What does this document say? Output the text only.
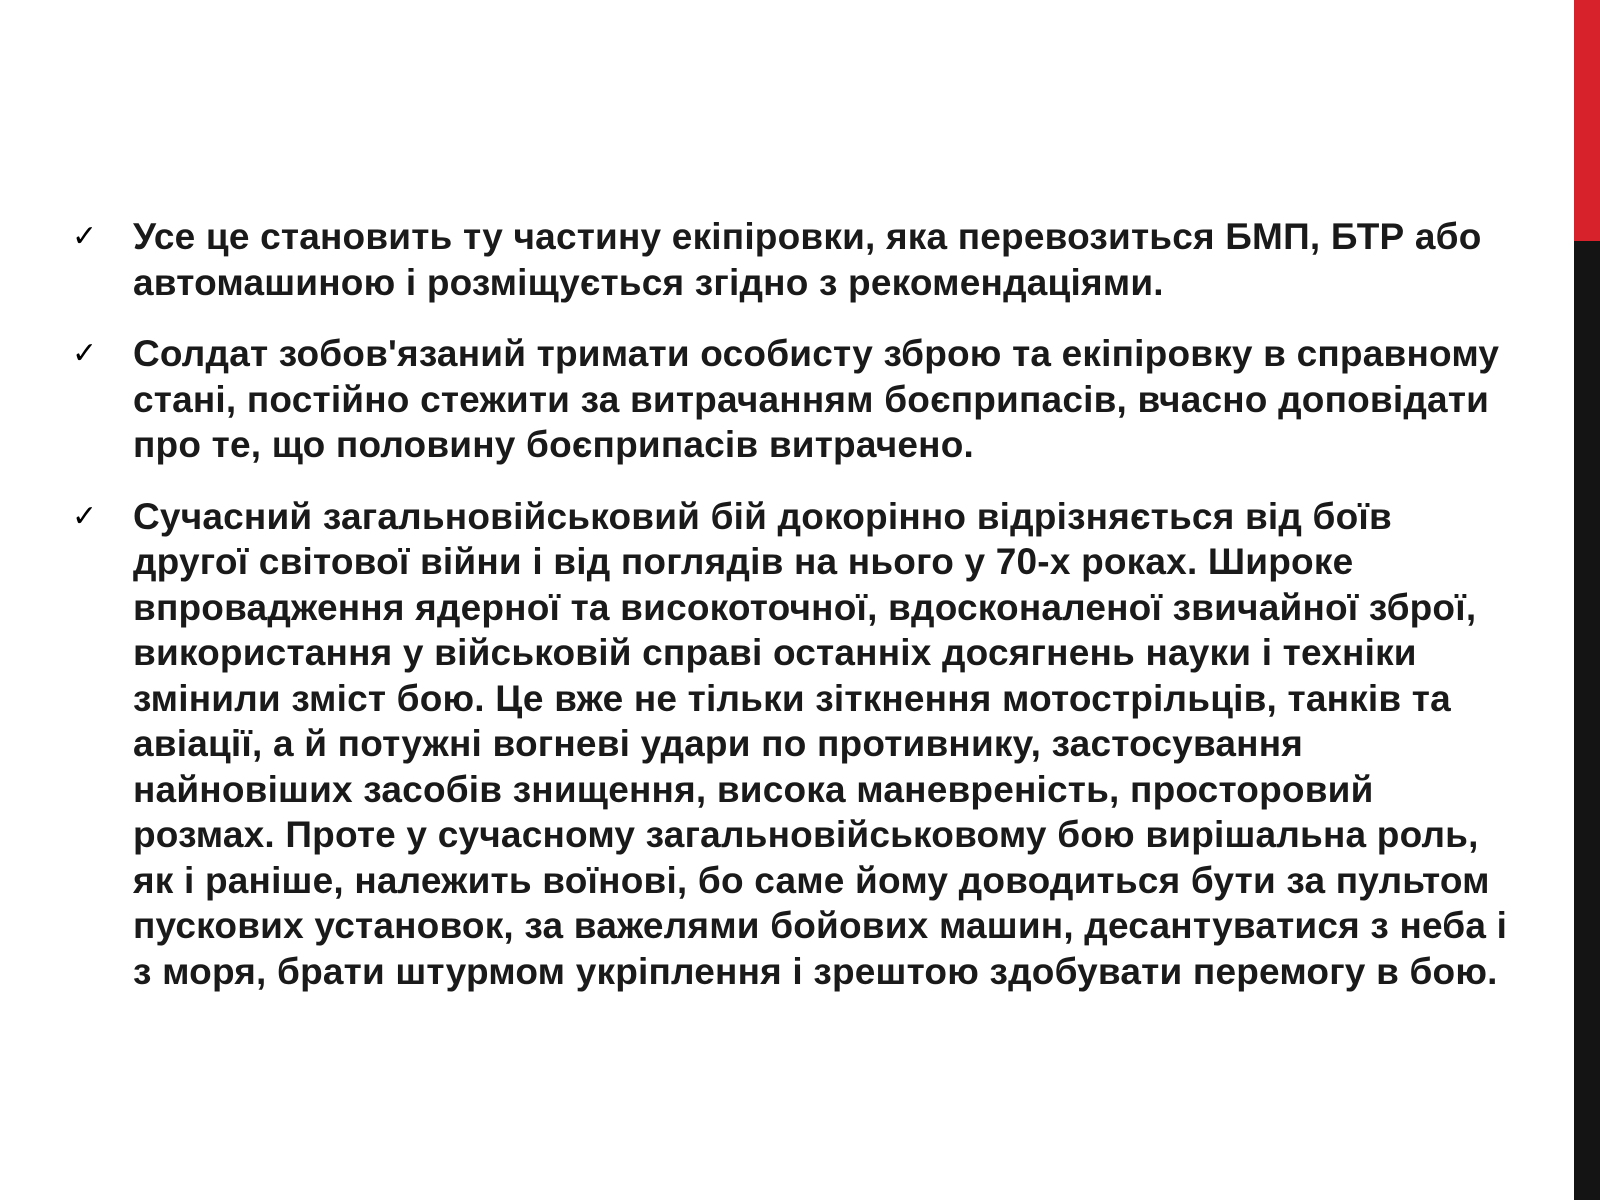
✓ Усе це становить ту частину екіпіровки, яка перевозиться БМП, БТР або автомашиною і розміщується згідно з рекомендаціями.
✓ Солдат зобов'язаний тримати особисту зброю та екіпіровку в справному стані, постійно стежити за витрачанням боєприпасів, вчасно доповідати про те, що половину боєприпасів витрачено.
✓ Сучасний загальновійськовий бій докорінно відрізняється від боїв другої світової війни і від поглядів на нього у 70-х роках. Широке впровадження ядерної та високоточної, вдосконаленої звичайної зброї, використання у військовій справі останніх досягнень науки і техніки змінили зміст бою. Це вже не тільки зіткнення мотострільців, танків та авіації, а й потужні вогневі удари по противнику, застосування найновіших засобів знищення, висока маневреність, просторовий розмах. Проте у сучасному загальновійськовому бою вирішальна роль, як і раніше, належить воїнові, бо саме йому доводиться бути за пультом пускових установок, за важелями бойових машин, десантуватися з неба і з моря, брати штурмом укріплення і зрештою здобувати перемогу в бою.
